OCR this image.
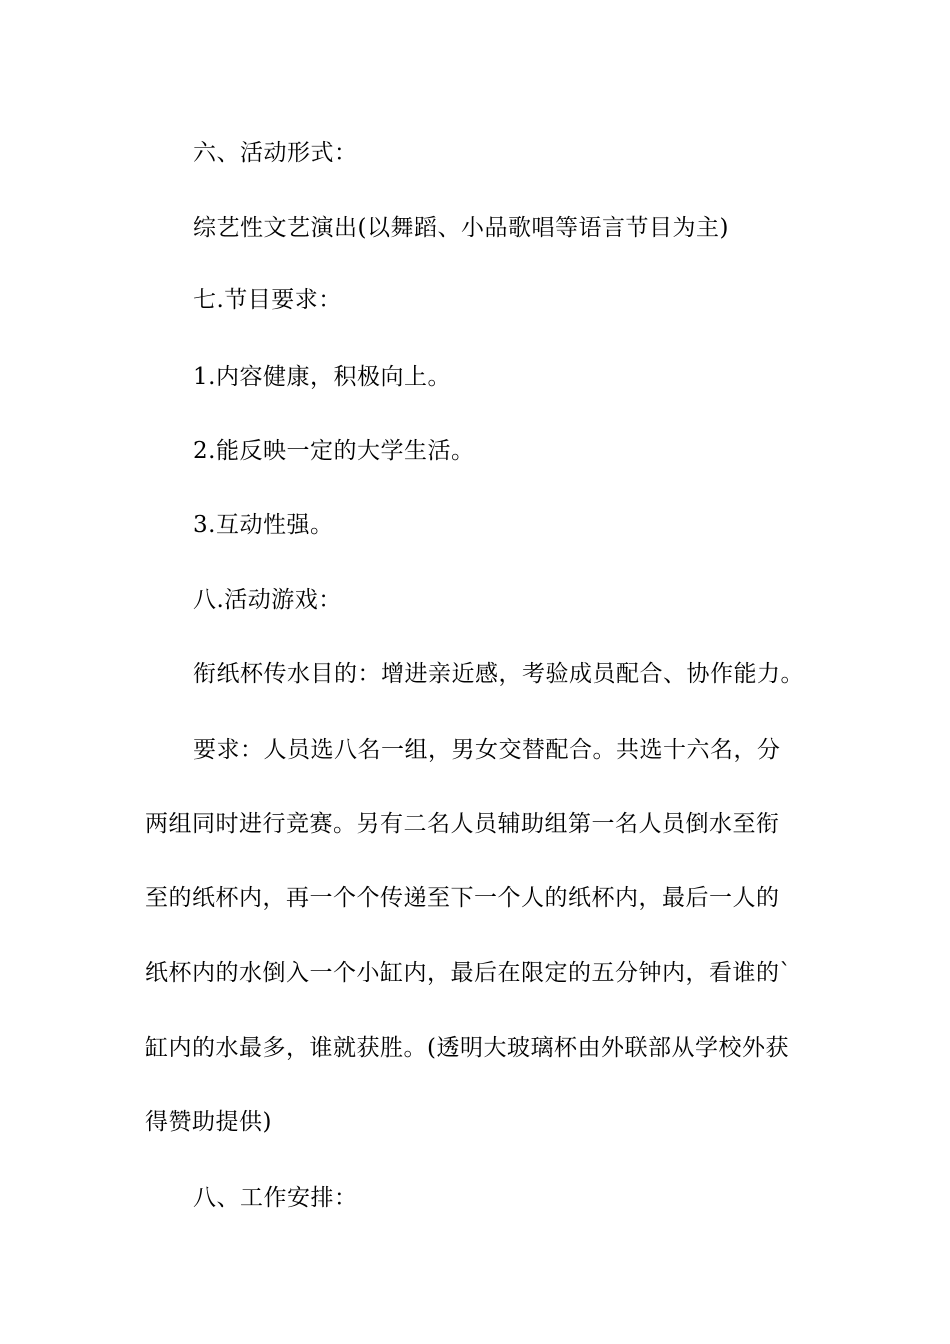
六、活动形式：
综艺性文艺演出(以舞蹈、小品歌唱等语言节目为主)
七.节目要求：
1.内容健康，积极向上。
2.能反映一定的大学生活。
3.互动性强。
八.活动游戏：
衔纸杯传水目的：增进亲近感，考验成员配合、协作能力。
要求：人员选八名一组，男女交替配合。共选十六名，分
两组同时进行竞赛。另有二名人员辅助组第一名人员倒水至衔
至的纸杯内，再一个个传递至下一个人的纸杯内，最后一人的
纸杯内的水倒入一个小缸内，最后在限定的五分钟内，看谁的`
缸内的水最多，谁就获胜。(透明大玻璃杯由外联部从学校外获
得赞助提供)
八、工作安排：
